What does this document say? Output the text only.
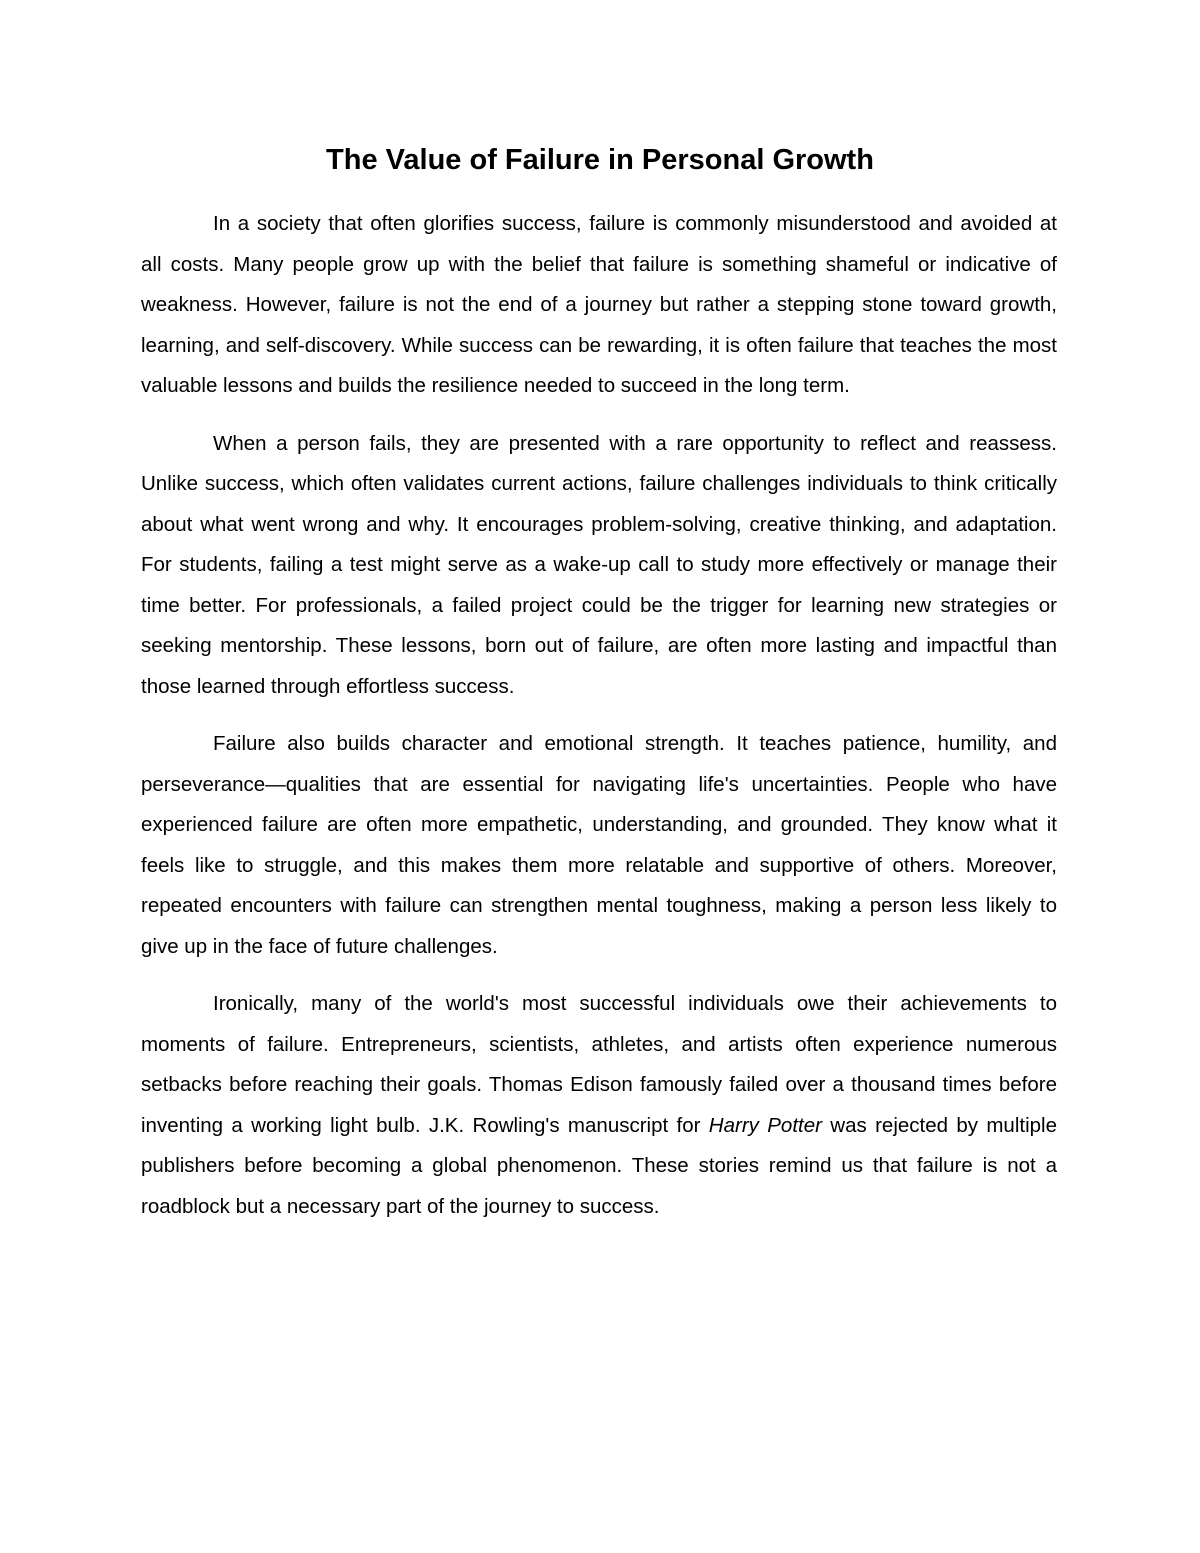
The Value of Failure in Personal Growth

In a society that often glorifies success, failure is commonly misunderstood and avoided at all costs. Many people grow up with the belief that failure is something shameful or indicative of weakness. However, failure is not the end of a journey but rather a stepping stone toward growth, learning, and self-discovery. While success can be rewarding, it is often failure that teaches the most valuable lessons and builds the resilience needed to succeed in the long term.

When a person fails, they are presented with a rare opportunity to reflect and reassess. Unlike success, which often validates current actions, failure challenges individuals to think critically about what went wrong and why. It encourages problem-solving, creative thinking, and adaptation. For students, failing a test might serve as a wake-up call to study more effectively or manage their time better. For professionals, a failed project could be the trigger for learning new strategies or seeking mentorship. These lessons, born out of failure, are often more lasting and impactful than those learned through effortless success.

Failure also builds character and emotional strength. It teaches patience, humility, and perseverance—qualities that are essential for navigating life's uncertainties. People who have experienced failure are often more empathetic, understanding, and grounded. They know what it feels like to struggle, and this makes them more relatable and supportive of others. Moreover, repeated encounters with failure can strengthen mental toughness, making a person less likely to give up in the face of future challenges.

Ironically, many of the world's most successful individuals owe their achievements to moments of failure. Entrepreneurs, scientists, athletes, and artists often experience numerous setbacks before reaching their goals. Thomas Edison famously failed over a thousand times before inventing a working light bulb. J.K. Rowling's manuscript for Harry Potter was rejected by multiple publishers before becoming a global phenomenon. These stories remind us that failure is not a roadblock but a necessary part of the journey to success.
